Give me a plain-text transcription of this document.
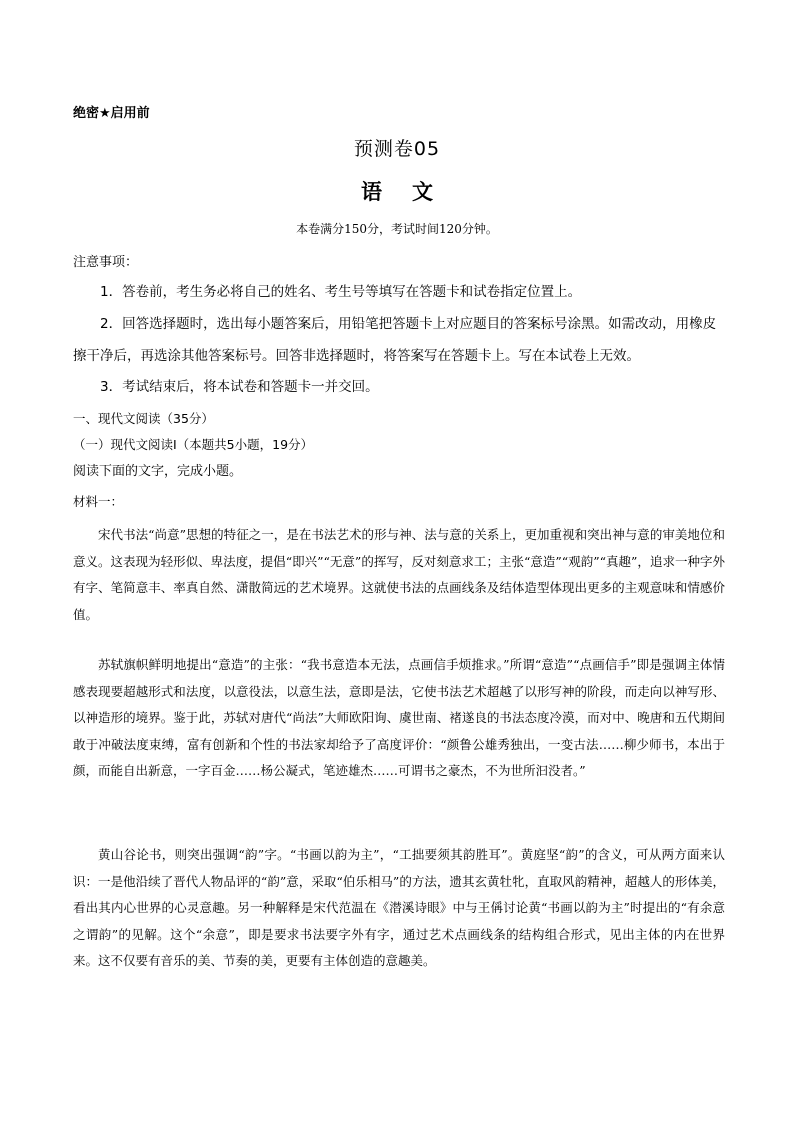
绝密★启用前
预测卷05
语文
本卷满分150分，考试时间120分钟。
注意事项：
1．答卷前，考生务必将自己的姓名、考生号等填写在答题卡和试卷指定位置上。
2．回答选择题时，选出每小题答案后，用铅笔把答题卡上对应题目的答案标号涂黑。如需改动，用橡皮擦干净后，再选涂其他答案标号。回答非选择题时，将答案写在答题卡上。写在本试卷上无效。
3．考试结束后，将本试卷和答题卡一并交回。
一、现代文阅读（35分）
（一）现代文阅读Ⅰ（本题共5小题，19分）
阅读下面的文字，完成小题。
材料一：
宋代书法“尚意”思想的特征之一，是在书法艺术的形与神、法与意的关系上，更加重视和突出神与意的审美地位和意义。这表现为轻形似、卑法度，提倡“即兴”“无意”的挥写，反对刻意求工；主张“意造”“观韵”“真趣”，追求一种字外有字、笔简意丰、率真自然、潇散简远的艺术境界。这就使书法的点画线条及结体造型体现出更多的主观意味和情感价值。
苏轼旗帜鲜明地提出“意造”的主张：“我书意造本无法，点画信手烦推求。”所谓“意造”“点画信手”即是强调主体情感表现要超越形式和法度，以意役法，以意生法，意即是法，它使书法艺术超越了以形写神的阶段，而走向以神写形、以神造形的境界。鉴于此，苏轼对唐代“尚法”大师欧阳询、虞世南、褚遂良的书法态度冷漠，而对中、晚唐和五代期间敢于冲破法度束缚，富有创新和个性的书法家却给予了高度评价：“颜鲁公雄秀独出，一变古法……柳少师书，本出于颜，而能自出新意，一字百金……杨公凝式，笔迹雄杰……可谓书之豪杰，不为世所汩没者。”
黄山谷论书，则突出强调“韵”字。“书画以韵为主”，“工拙要须其韵胜耳”。黄庭坚“韵”的含义，可从两方面来认识：一是他沿续了晋代人物品评的“韵”意，采取“伯乐相马”的方法，遗其玄黄牡牝，直取风韵精神，超越人的形体美，看出其内心世界的心灵意趣。另一种解释是宋代范温在《潜溪诗眼》中与王偁讨论黄“书画以韵为主”时提出的“有余意之谓韵”的见解。这个“余意”，即是要求书法要字外有字，通过艺术点画线条的结构组合形式，见出主体的内在世界来。这不仅要有音乐的美、节奏的美，更要有主体创造的意趣美。
